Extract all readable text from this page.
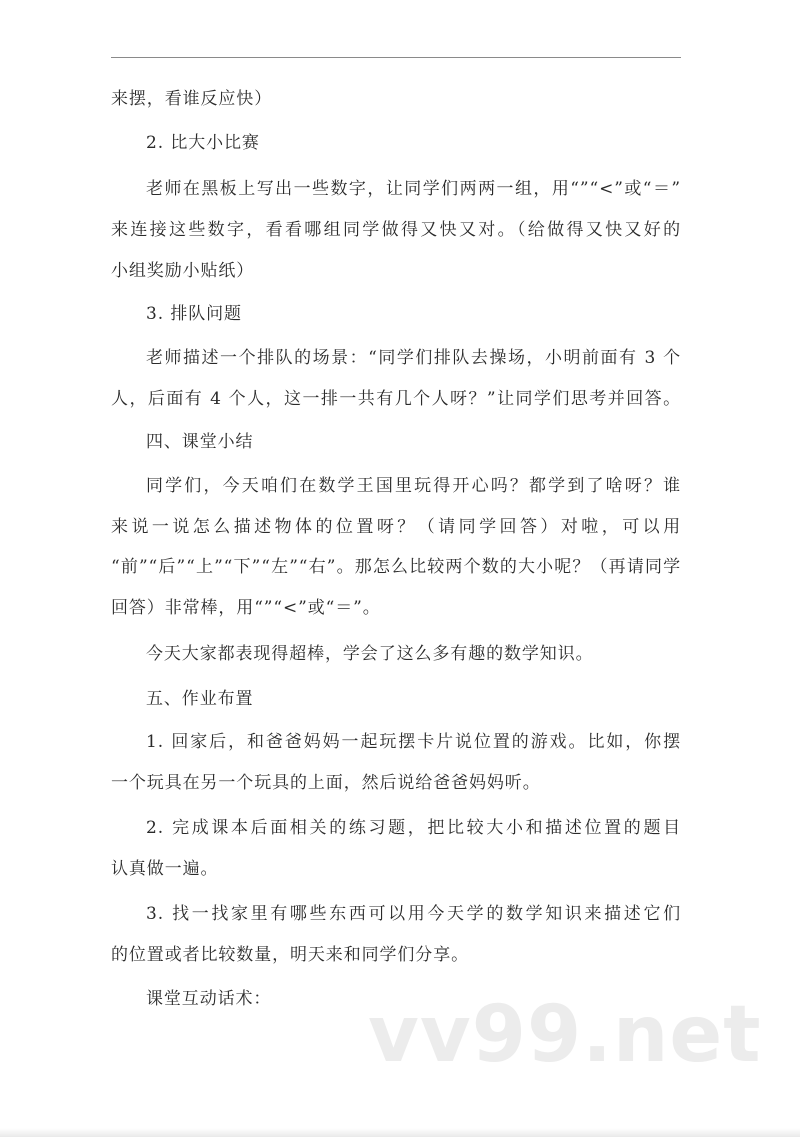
来摆，看谁反应快）
2. 比大小比赛
老师在黑板上写出一些数字，让同学们两两一组，用“”“<”或“＝”
来连接这些数字，看看哪组同学做得又快又对。（给做得又快又好的
小组奖励小贴纸）
3. 排队问题
老师描述一个排队的场景：“同学们排队去操场，小明前面有 3 个
人，后面有 4 个人，这一排一共有几个人呀？”让同学们思考并回答。
四、课堂小结
同学们，今天咱们在数学王国里玩得开心吗？都学到了啥呀？谁
来说一说怎么描述物体的位置呀？（请同学回答）对啦，可以用
“前”“后”“上”“下”“左”“右”。那怎么比较两个数的大小呢？（再请同学
回答）非常棒，用“”“<”或“＝”。
今天大家都表现得超棒，学会了这么多有趣的数学知识。
五、作业布置
1. 回家后，和爸爸妈妈一起玩摆卡片说位置的游戏。比如，你摆
一个玩具在另一个玩具的上面，然后说给爸爸妈妈听。
2. 完成课本后面相关的练习题，把比较大小和描述位置的题目
认真做一遍。
3. 找一找家里有哪些东西可以用今天学的数学知识来描述它们
的位置或者比较数量，明天来和同学们分享。
课堂互动话术：	vv99.net
